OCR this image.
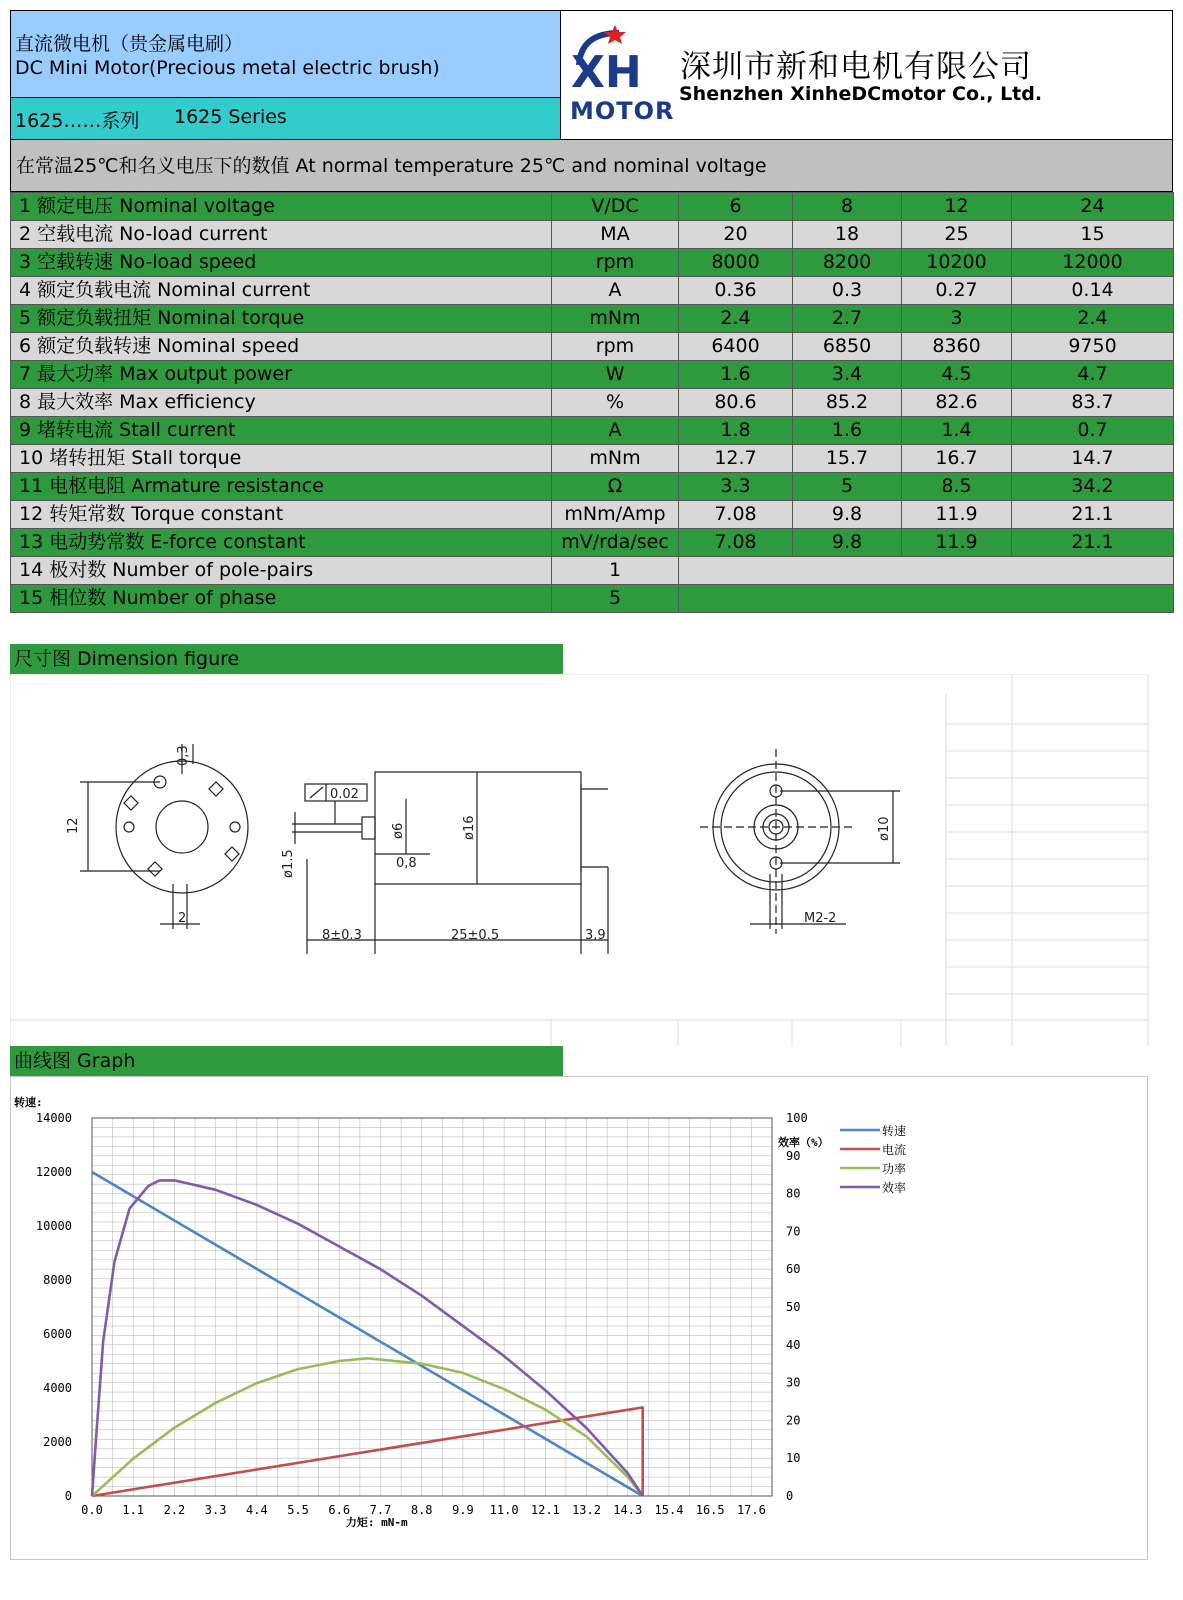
直流微电机（贵金属电刷）
DC Mini Motor(Precious metal electric brush)
1625……系列 1625 Series
XH
MOTOR
深圳市新和电机有限公司
Shenzhen XinheDCmotor Co., Ltd.
在常温25℃和名义电压下的数值 At normal temperature 25℃ and nominal voltage
1 额定电压 Nominal voltage	V/DC	6	8	12	24
2 空载电流 No-load current	MA	20	18	25	15
3 空载转速 No-load speed	rpm	8000	8200	10200	12000
4 额定负载电流 Nominal current	A	0.36	0.3	0.27	0.14
5 额定负载扭矩 Nominal torque	mNm	2.4	2.7	3	2.4
6 额定负载转速 Nominal speed	rpm	6400	6850	8360	9750
7 最大功率 Max output power	W	1.6	3.4	4.5	4.7
8 最大效率 Max efficiency	%	80.6	85.2	82.6	83.7
9 堵转电流 Stall current	A	1.8	1.6	1.4	0.7
10 堵转扭矩 Stall torque	mNm	12.7	15.7	16.7	14.7
11 电枢电阻 Armature resistance	Ω	3.3	5	8.5	34.2
12 转矩常数 Torque constant	mNm/Amp	7.08	9.8	11.9	21.1
13 电动势常数 E-force constant	mV/rda/sec	7.08	9.8	11.9	21.1
14 极对数 Number of pole-pairs	1				
15 相位数 Number of phase	5				
尺寸图 Dimension figure
0,3
12
2
0.02
ø1.5
ø6
0,8
ø16
8±0.3	25±0.5	3,9
ø10
M2-2
曲线图 Graph
0
2000
4000
6000
8000
10000
12000
14000
0
10
20
30
40
50
60
70
80
90
100
0.0 1.1 2.2 3.3 4.4 5.5 6.6 7.7 8.8 9.9 11.0 12.1 13.2 14.3 15.4 16.5 17.6
力矩: mN-m
转速:
效率（%）
转速
电流
功率
效率
